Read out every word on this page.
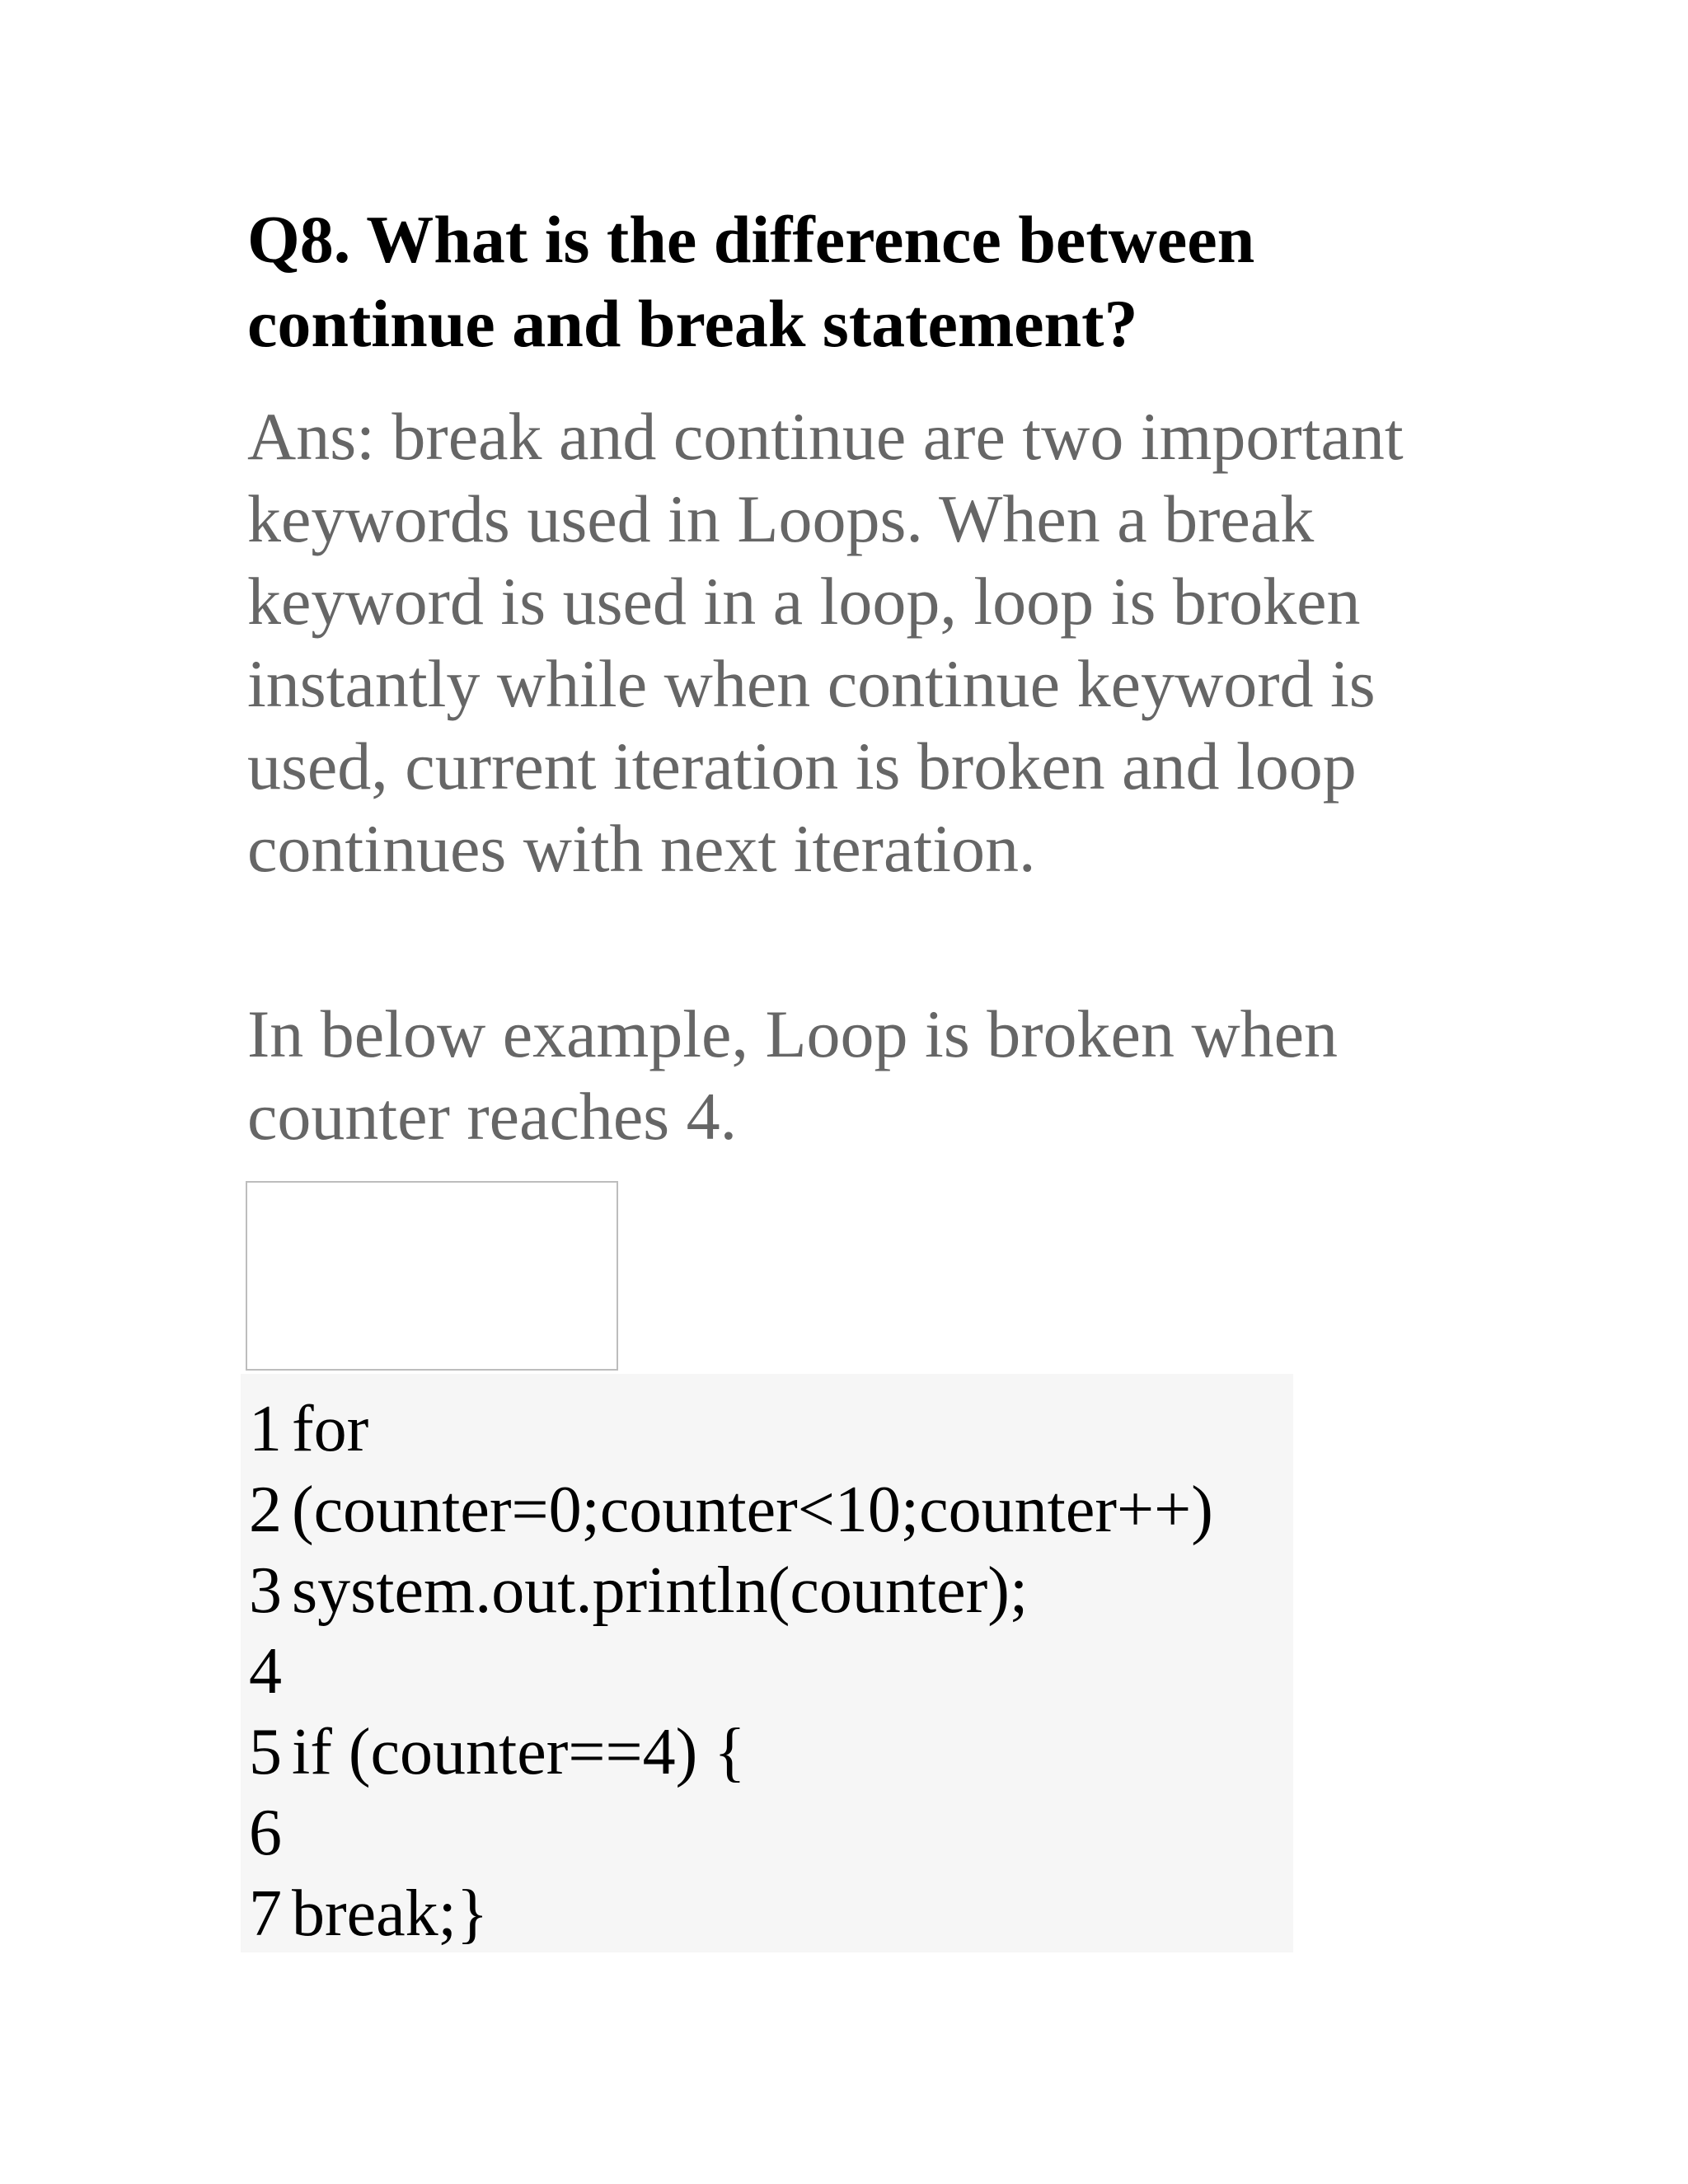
Q8. What is the difference between continue and break statement?

Ans: break and continue are two important keywords used in Loops. When a break keyword is used in a loop, loop is broken instantly while when continue keyword is used, current iteration is broken and loop continues with next iteration.

In below example, Loop is broken when counter reaches 4.

1 for
2 (counter=0;counter<10;counter++)
3 system.out.println(counter);
4
5 if (counter==4) {
6
7 break;}
